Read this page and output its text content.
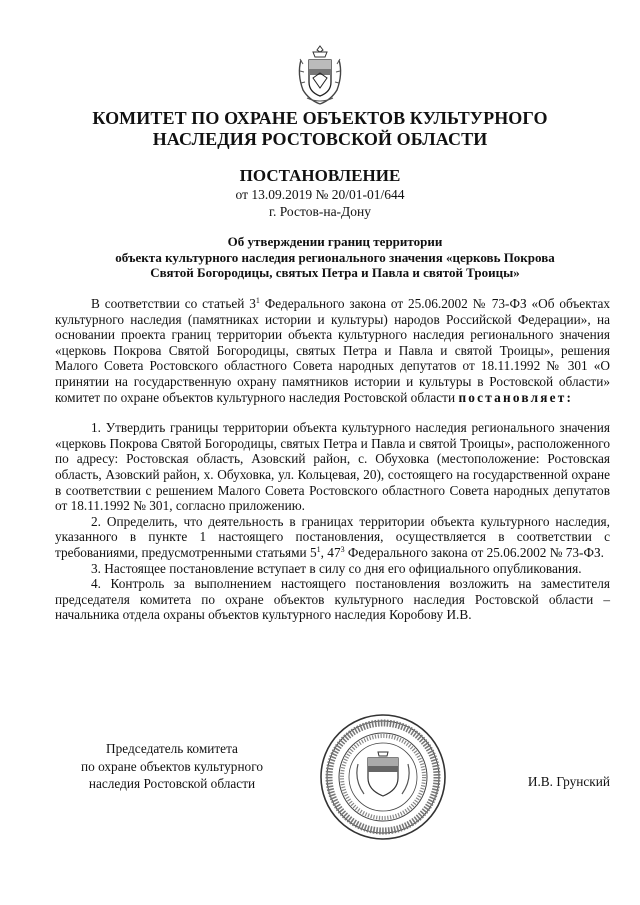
КОМИТЕТ ПО ОХРАНЕ ОБЪЕКТОВ КУЛЬТУРНОГО
НАСЛЕДИЯ РОСТОВСКОЙ ОБЛАСТИ
ПОСТАНОВЛЕНИЕ
от 13.09.2019 № 20/01-01/644
г. Ростов-на-Дону
Об утверждении границ территории
объекта культурного наследия регионального значения «церковь Покрова
Святой Богородицы, святых Петра и Павла и святой Троицы»

В соответствии со статьей $3^1$ Федерального закона от 25.06.2002 № 73-ФЗ «Об объектах культурного наследия (памятниках истории и культуры) народов Российской Федерации», на основании проекта границ территории объекта культурного наследия регионального значения «церковь Покрова Святой Богородицы, святых Петра и Павла и святой Троицы», решения Малого Совета Ростовского областного Совета народных депутатов от 18.11.1992 № 301 «О принятии на государственную охрану памятников истории и культуры в Ростовской области» комитет по охране объектов культурного наследия Ростовской области постановляет:

1. Утвердить границы территории объекта культурного наследия регионального значения «церковь Покрова Святой Богородицы, святых Петра и Павла и святой Троицы», расположенного по адресу: Ростовская область, Азовский район, с. Обуховка (местоположение: Ростовская область, Азовский район, х. Обуховка, ул. Кольцевая, 20), состоящего на государственной охране в соответствии с решением Малого Совета Ростовского областного Совета народных депутатов от 18.11.1992 № 301, согласно приложению.

2. Определить, что деятельность в границах территории объекта культурного наследия, указанного в пункте 1 настоящего постановления, осуществляется в соответствии с требованиями, предусмотренными статьями $5^1$, $47^3$ Федерального закона от 25.06.2002 № 73-ФЗ.

3. Настоящее постановление вступает в силу со дня его официального опубликования.

4. Контроль за выполнением настоящего постановления возложить на заместителя председателя комитета по охране объектов культурного наследия Ростовской области – начальника отдела охраны объектов культурного наследия Коробову И.В.

Председатель комитета
по охране объектов культурного
наследия Ростовской области	И.В. Грунский
